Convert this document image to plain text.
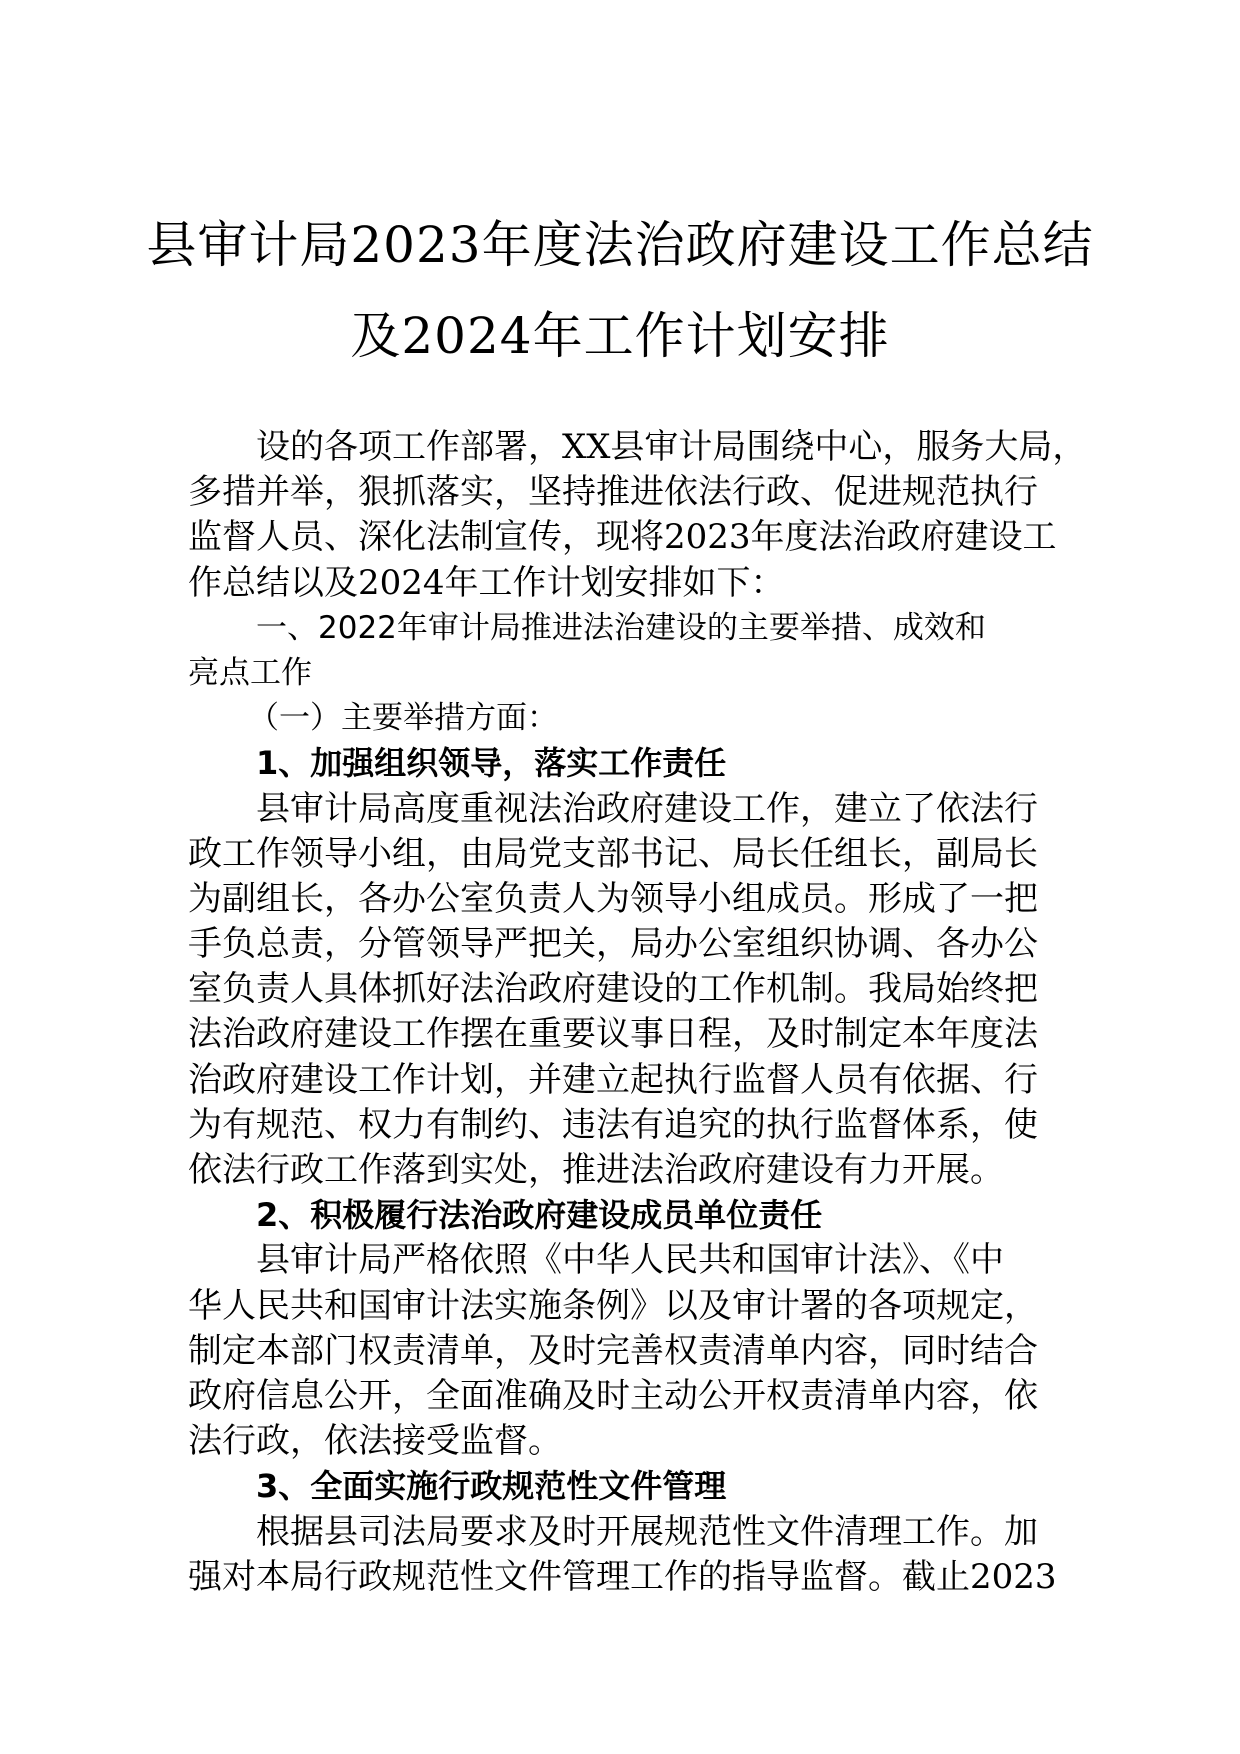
县审计局2023年度法治政府建设工作总结
及2024年工作计划安排
设的各项工作部署，XX县审计局围绕中心，服务大局，
多措并举，狠抓落实，坚持推进依法行政、促进规范执行
监督人员、深化法制宣传，现将2023年度法治政府建设工
作总结以及2024年工作计划安排如下：
一、2022年审计局推进法治建设的主要举措、成效和
亮点工作
（一）主要举措方面：
1、加强组织领导，落实工作责任
县审计局高度重视法治政府建设工作，建立了依法行
政工作领导小组，由局党支部书记、局长任组长，副局长
为副组长，各办公室负责人为领导小组成员。形成了一把
手负总责，分管领导严把关，局办公室组织协调、各办公
室负责人具体抓好法治政府建设的工作机制。我局始终把
法治政府建设工作摆在重要议事日程，及时制定本年度法
治政府建设工作计划，并建立起执行监督人员有依据、行
为有规范、权力有制约、违法有追究的执行监督体系，使
依法行政工作落到实处，推进法治政府建设有力开展。
2、积极履行法治政府建设成员单位责任
县审计局严格依照《中华人民共和国审计法》、《中
华人民共和国审计法实施条例》以及审计署的各项规定，
制定本部门权责清单，及时完善权责清单内容，同时结合
政府信息公开，全面准确及时主动公开权责清单内容，依
法行政，依法接受监督。
3、全面实施行政规范性文件管理
根据县司法局要求及时开展规范性文件清理工作。加
强对本局行政规范性文件管理工作的指导监督。截止2023
